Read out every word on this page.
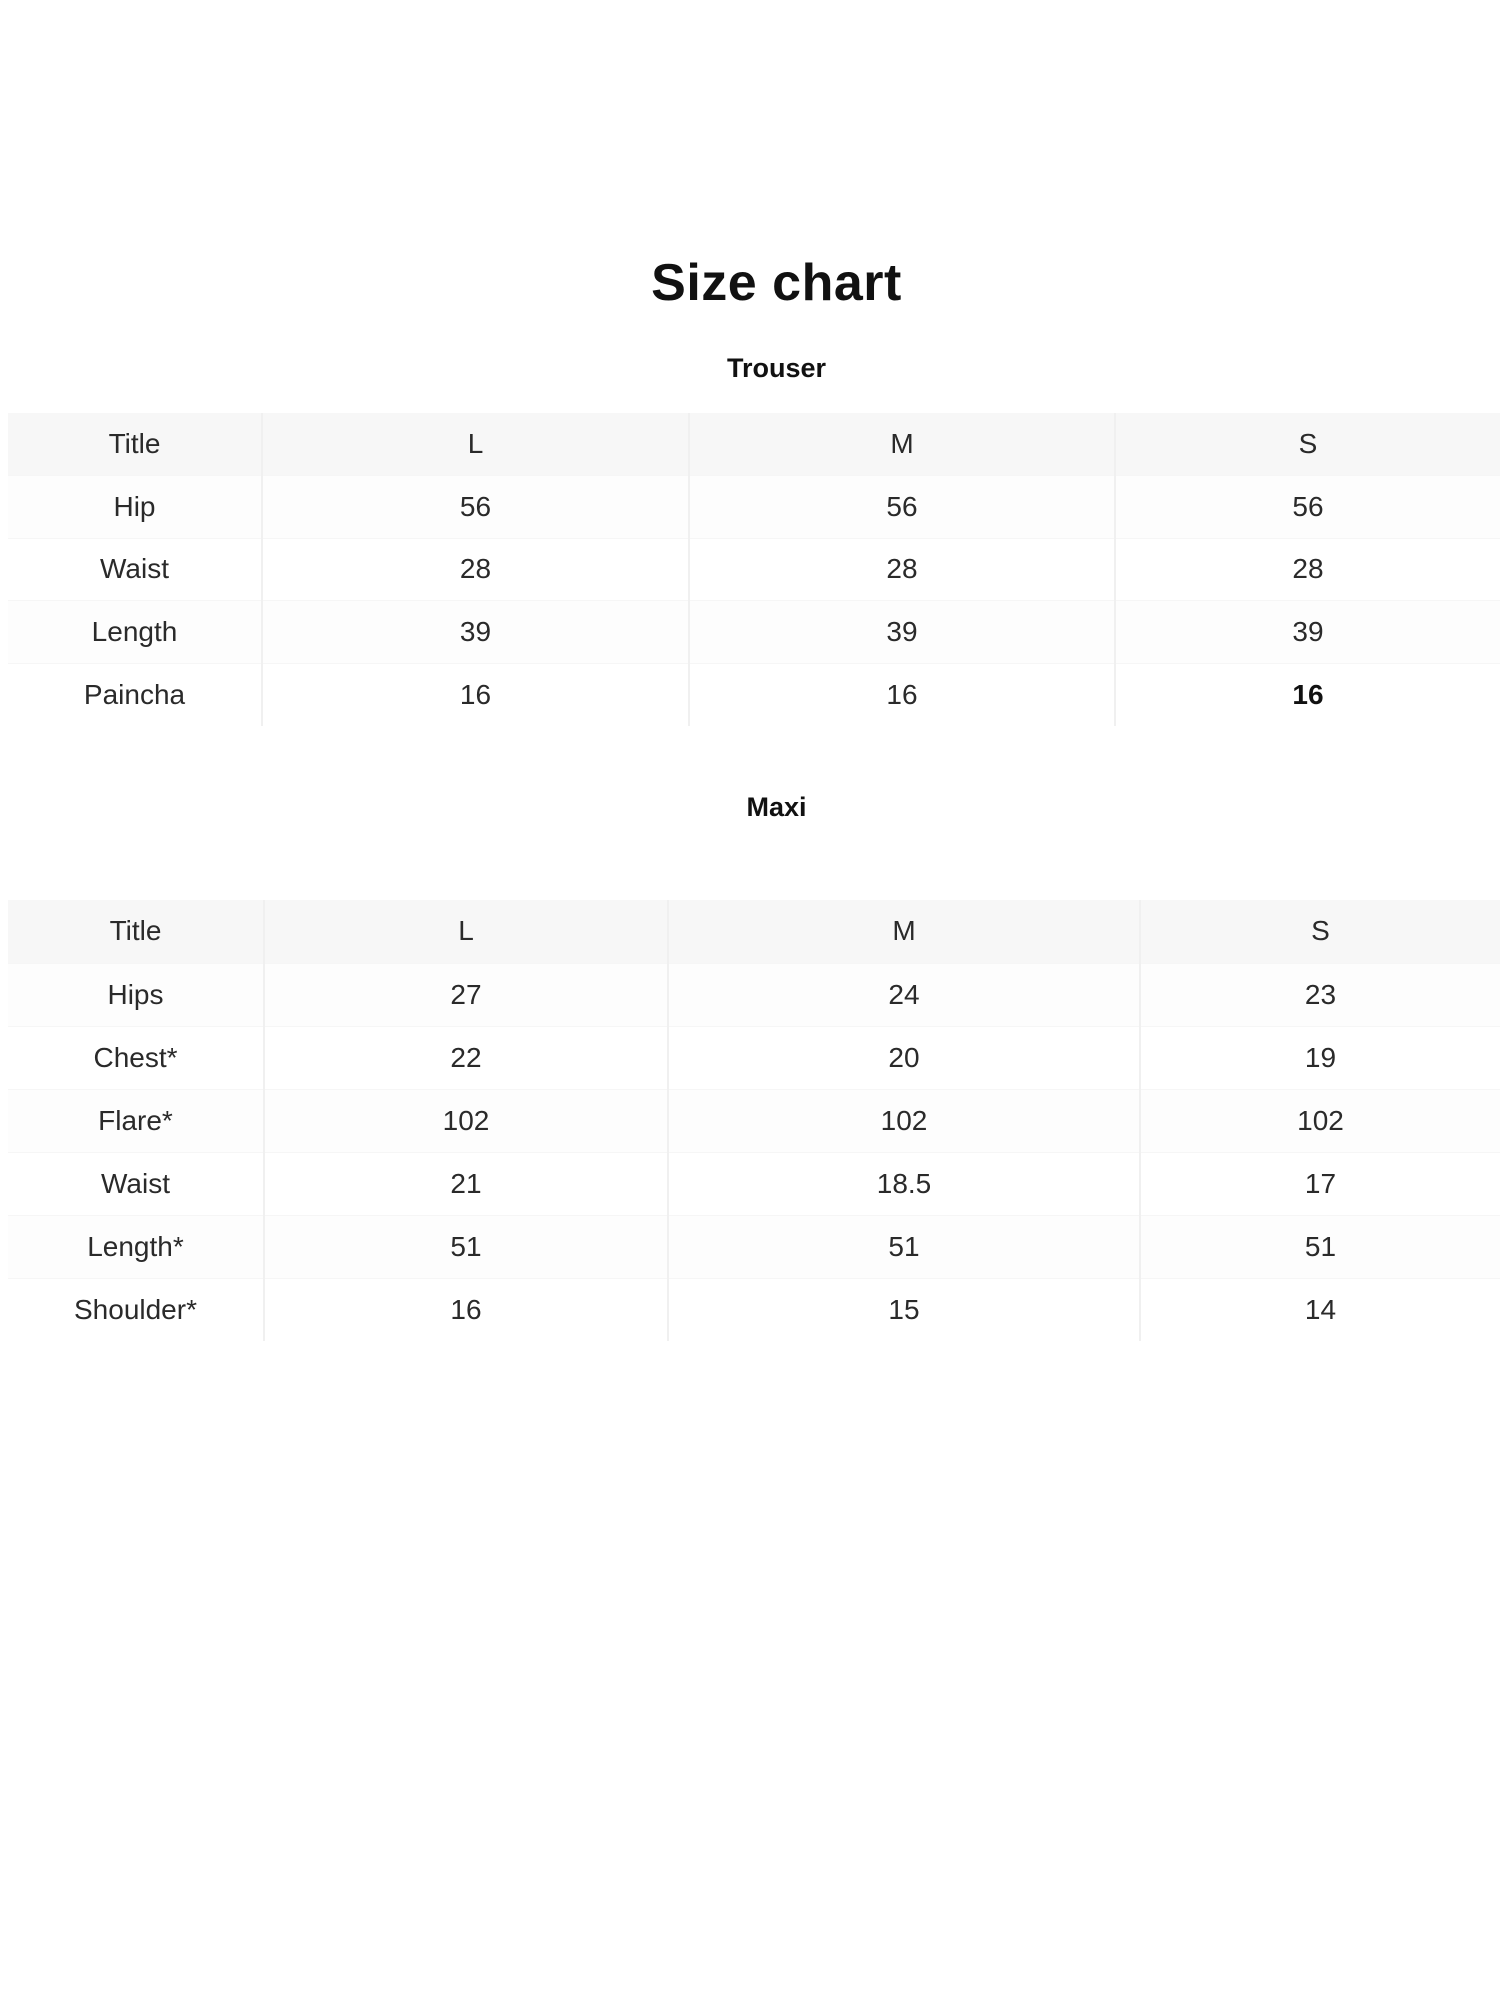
Size chart
Trouser
Title	L	M	S
Hip	56	56	56
Waist	28	28	28
Length	39	39	39
Paincha	16	16	16
Maxi
Title	L	M	S
Hips	27	24	23
Chest*	22	20	19
Flare*	102	102	102
Waist	21	18.5	17
Length*	51	51	51
Shoulder*	16	15	14
